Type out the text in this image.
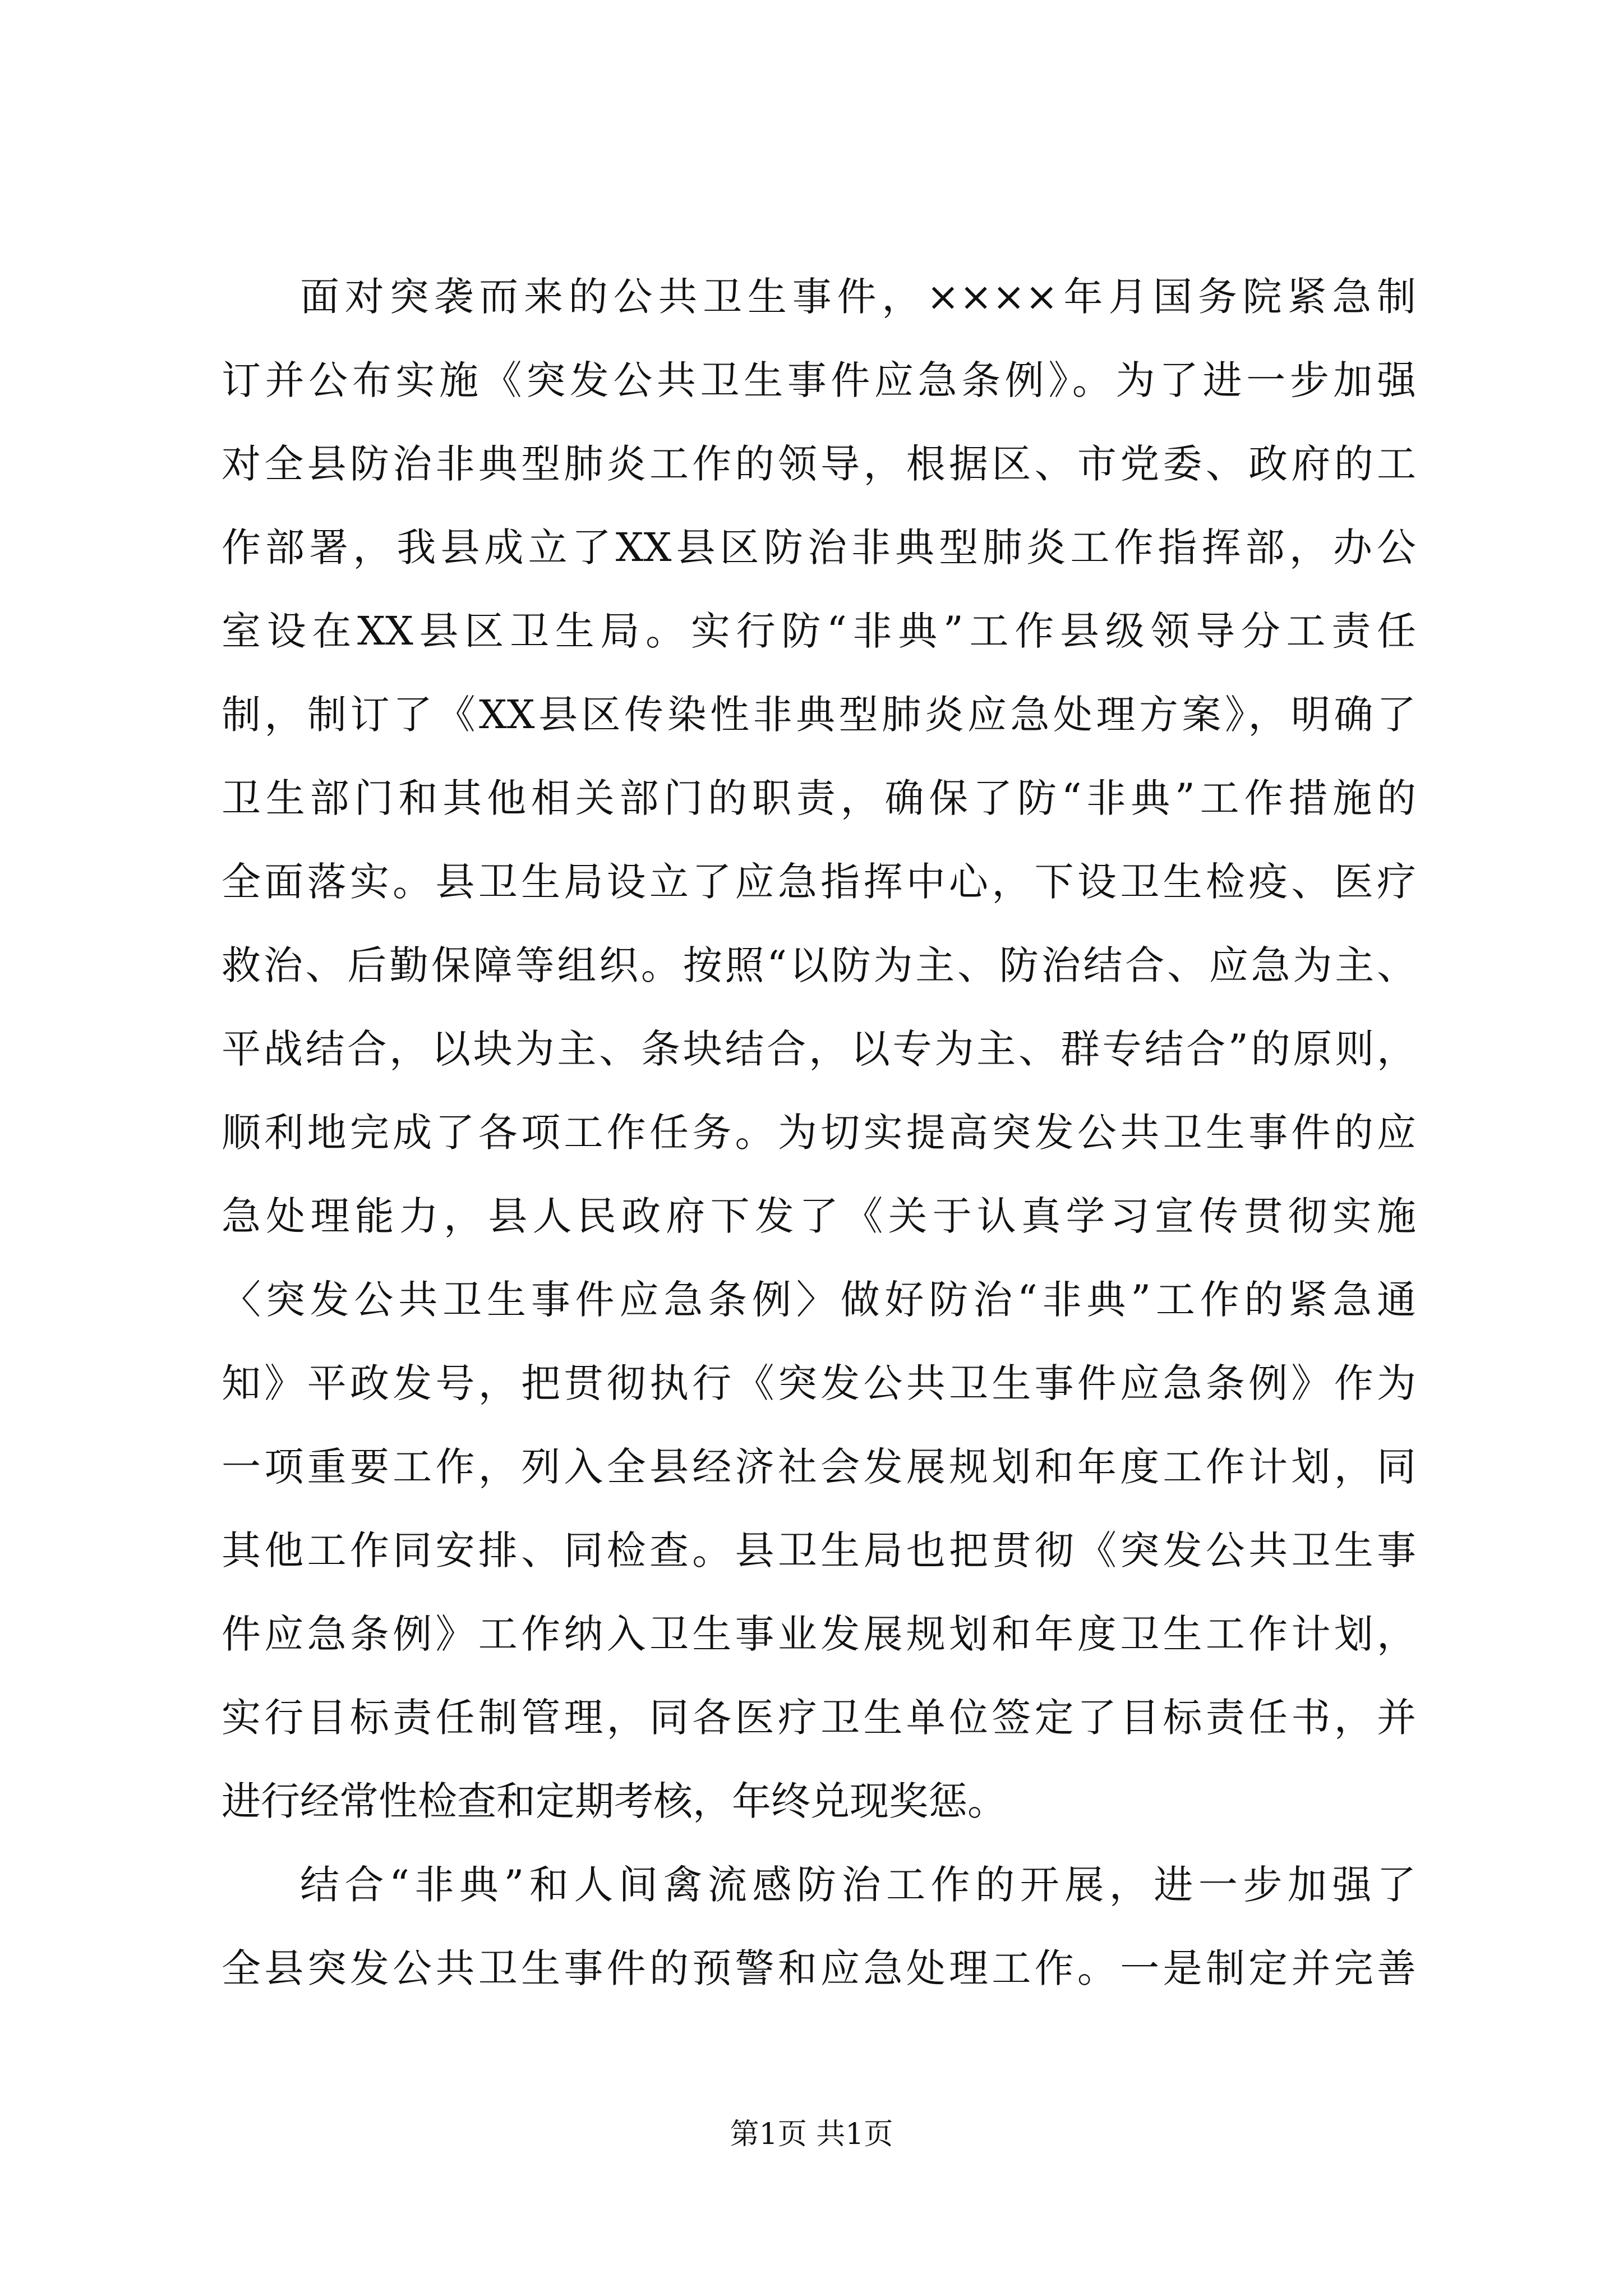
面对突袭而来的公共卫生事件，××××年月国务院紧急制
订并公布实施《突发公共卫生事件应急条例》。为了进一步加强
对全县防治非典型肺炎工作的领导，根据区、市党委、政府的工
作部署，我县成立了XX县区防治非典型肺炎工作指挥部，办公
室设在XX县区卫生局。实行防“非典”工作县级领导分工责任
制，制订了《XX县区传染性非典型肺炎应急处理方案》，明确了
卫生部门和其他相关部门的职责，确保了防“非典”工作措施的
全面落实。县卫生局设立了应急指挥中心，下设卫生检疫、医疗
救治、后勤保障等组织。按照“以防为主、防治结合、应急为主、
平战结合，以块为主、条块结合，以专为主、群专结合”的原则，
顺利地完成了各项工作任务。为切实提高突发公共卫生事件的应
急处理能力，县人民政府下发了《关于认真学习宣传贯彻实施
〈突发公共卫生事件应急条例〉做好防治“非典”工作的紧急通
知》平政发号，把贯彻执行《突发公共卫生事件应急条例》作为
一项重要工作，列入全县经济社会发展规划和年度工作计划，同
其他工作同安排、同检查。县卫生局也把贯彻《突发公共卫生事
件应急条例》工作纳入卫生事业发展规划和年度卫生工作计划，
实行目标责任制管理，同各医疗卫生单位签定了目标责任书，并
进行经常性检查和定期考核，年终兑现奖惩。
结合“非典”和人间禽流感防治工作的开展，进一步加强了
全县突发公共卫生事件的预警和应急处理工作。一是制定并完善
第1页 共1页
